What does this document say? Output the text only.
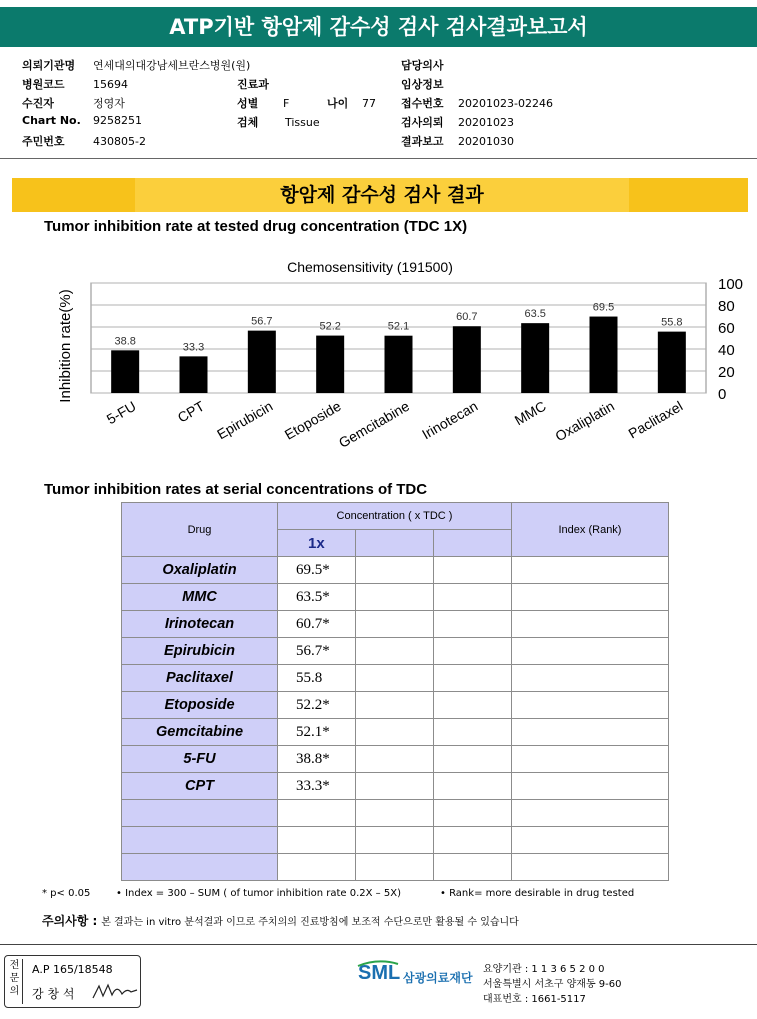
ATP기반 항암제 감수성 검사 검사결과보고서
의뢰기관명 연세대의대강남세브란스병원(원)
병원코드	15694
수진자	정영자
Chart No. 9258251
주민번호	430805-2
진료과
성별 F	나이 77
검체 Tissue
담당의사
임상정보
접수번호 20201023-02246
검사의뢰 20201023
결과보고 20201030
항암제 감수성 검사 결과
Tumor inhibition rate at tested drug concentration (TDC 1X)
0
20
40
60
80
100
Chemosensitivity (191500)
Inhibition rate(%)	38.8
5-FU
33.3
CPT
56.7
Epirubicin
52.2
Etoposide
52.1
Gemcitabine
60.7
Irinotecan
63.5
MMC
69.5
Oxaliplatin
55.8
Paclitaxel
Tumor inhibition rates at serial concentrations of TDC
Drug	Concentration ( x TDC )			Index (Rank)
	1x			
Oxaliplatin	69.5*			
MMC	63.5*			
Irinotecan	60.7*			
Epirubicin	56.7*			
Paclitaxel	55.8			
Etoposide	52.2*			
Gemcitabine	52.1*			
5-FU	38.8*			
CPT	33.3*			

* p< 0.05	• Index = 300 – SUM ( of tumor inhibition rate 0.2X – 5X)	• Rank= more desirable in drug tested
주의사항 : 본 결과는 in vitro 분석결과 이므로 주치의의 진료방침에 보조적 수단으로만 활용될 수 있습니다
전문의
A.P 165/18548
강 창 석
SML 삼광의료재단
요양기관 : 1 1 3 6 5 2 0 0
서울특별시 서초구 양재동 9-60
대표번호 : 1661-5117
